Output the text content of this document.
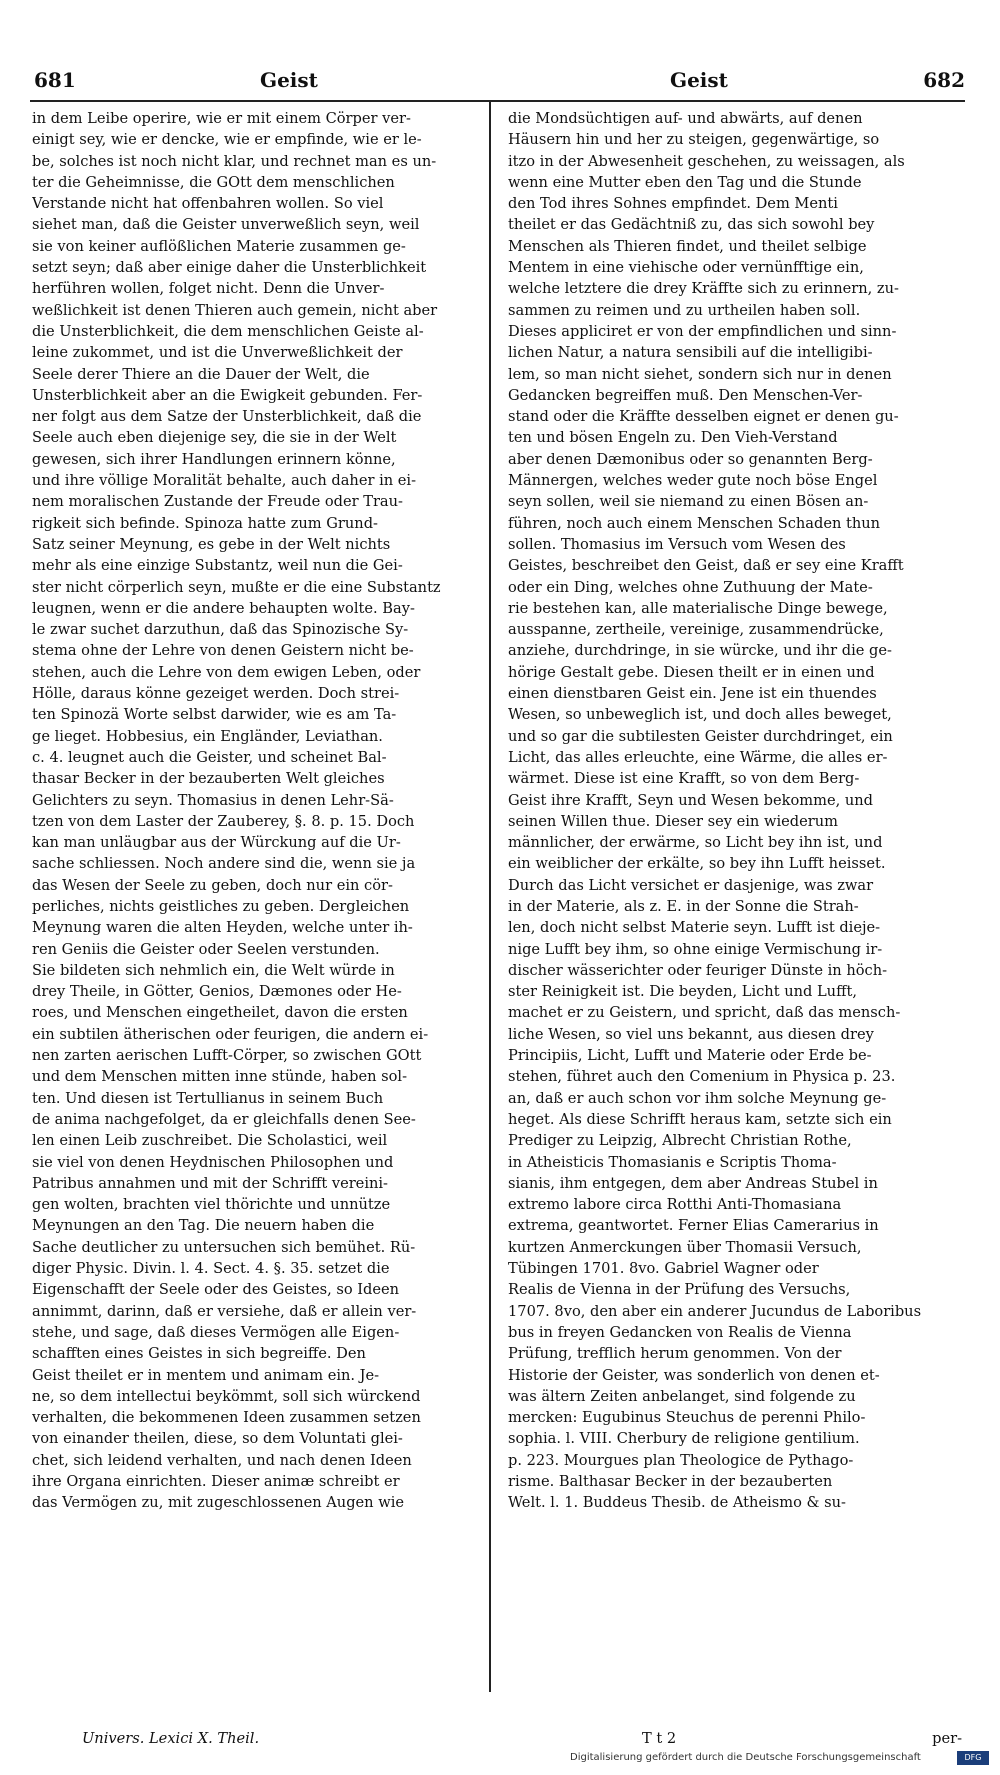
681	Geist	Geist	682
in dem Leibe operire, wie er mit einem Cörper ver-
einigt sey, wie er dencke, wie er empfinde, wie er le-
be, solches ist noch nicht klar, und rechnet man es un-
ter die Geheimnisse, die GOtt dem menschlichen
Verstande nicht hat offenbahren wollen. So viel
siehet man, daß die Geister unverweßlich seyn, weil
sie von keiner auflößlichen Materie zusammen ge-
setzt seyn; daß aber einige daher die Unsterblichkeit
herführen wollen, folget nicht. Denn die Unver-
weßlichkeit ist denen Thieren auch gemein, nicht aber
die Unsterblichkeit, die dem menschlichen Geiste al-
leine zukommet, und ist die Unverweßlichkeit der
Seele derer Thiere an die Dauer der Welt, die
Unsterblichkeit aber an die Ewigkeit gebunden. Fer-
ner folgt aus dem Satze der Unsterblichkeit, daß die
Seele auch eben diejenige sey, die sie in der Welt
gewesen, sich ihrer Handlungen erinnern könne,
und ihre völlige Moralität behalte, auch daher in ei-
nem moralischen Zustande der Freude oder Trau-
rigkeit sich befinde. Spinoza hatte zum Grund-
Satz seiner Meynung, es gebe in der Welt nichts
mehr als eine einzige Substantz, weil nun die Gei-
ster nicht cörperlich seyn, mußte er die eine Substantz
leugnen, wenn er die andere behaupten wolte. Bay-
le zwar suchet darzuthun, daß das Spinozische Sy-
stema ohne der Lehre von denen Geistern nicht be-
stehen, auch die Lehre von dem ewigen Leben, oder
Hölle, daraus könne gezeiget werden. Doch strei-
ten Spinozä Worte selbst darwider, wie es am Ta-
ge lieget. Hobbesius, ein Engländer, Leviathan.
c. 4. leugnet auch die Geister, und scheinet Bal-
thasar Becker in der bezauberten Welt gleiches
Gelichters zu seyn. Thomasius in denen Lehr-Sä-
tzen von dem Laster der Zauberey, §. 8. p. 15. Doch
kan man unläugbar aus der Würckung auf die Ur-
sache schliessen. Noch andere sind die, wenn sie ja
das Wesen der Seele zu geben, doch nur ein cör-
perliches, nichts geistliches zu geben. Dergleichen
Meynung waren die alten Heyden, welche unter ih-
ren Geniis die Geister oder Seelen verstunden.
Sie bildeten sich nehmlich ein, die Welt würde in
drey Theile, in Götter, Genios, Dæmones oder He-
roes, und Menschen eingetheilet, davon die ersten
ein subtilen ätherischen oder feurigen, die andern ei-
nen zarten aerischen Lufft-Cörper, so zwischen GOtt
und dem Menschen mitten inne stünde, haben sol-
ten. Und diesen ist Tertullianus in seinem Buch
de anima nachgefolget, da er gleichfalls denen See-
len einen Leib zuschreibet. Die Scholastici, weil
sie viel von denen Heydnischen Philosophen und
Patribus annahmen und mit der Schrifft vereini-
gen wolten, brachten viel thörichte und unnütze
Meynungen an den Tag. Die neuern haben die
Sache deutlicher zu untersuchen sich bemühet. Rü-
diger Physic. Divin. l. 4. Sect. 4. §. 35. setzet die
Eigenschafft der Seele oder des Geistes, so Ideen
annimmt, darinn, daß er versiehe, daß er allein ver-
stehe, und sage, daß dieses Vermögen alle Eigen-
schafften eines Geistes in sich begreiffe. Den
Geist theilet er in mentem und animam ein. Je-
ne, so dem intellectui beykömmt, soll sich würckend
verhalten, die bekommenen Ideen zusammen setzen
von einander theilen, diese, so dem Voluntati glei-
chet, sich leidend verhalten, und nach denen Ideen
ihre Organa einrichten. Dieser animæ schreibt er
das Vermögen zu, mit zugeschlossenen Augen wie
die Mondsüchtigen auf- und abwärts, auf denen
Häusern hin und her zu steigen, gegenwärtige, so
itzo in der Abwesenheit geschehen, zu weissagen, als
wenn eine Mutter eben den Tag und die Stunde
den Tod ihres Sohnes empfindet. Dem Menti
theilet er das Gedächtniß zu, das sich sowohl bey
Menschen als Thieren findet, und theilet selbige
Mentem in eine viehische oder vernünfftige ein,
welche letztere die drey Kräffte sich zu erinnern, zu-
sammen zu reimen und zu urtheilen haben soll.
Dieses appliciret er von der empfindlichen und sinn-
lichen Natur, a natura sensibili auf die intelligibi-
lem, so man nicht siehet, sondern sich nur in denen
Gedancken begreiffen muß. Den Menschen-Ver-
stand oder die Kräffte desselben eignet er denen gu-
ten und bösen Engeln zu. Den Vieh-Verstand
aber denen Dæmonibus oder so genannten Berg-
Männergen, welches weder gute noch böse Engel
seyn sollen, weil sie niemand zu einen Bösen an-
führen, noch auch einem Menschen Schaden thun
sollen. Thomasius im Versuch vom Wesen des
Geistes, beschreibet den Geist, daß er sey eine Krafft
oder ein Ding, welches ohne Zuthuung der Mate-
rie bestehen kan, alle materialische Dinge bewege,
ausspanne, zertheile, vereinige, zusammendrücke,
anziehe, durchdringe, in sie würcke, und ihr die ge-
hörige Gestalt gebe. Diesen theilt er in einen und
einen dienstbaren Geist ein. Jene ist ein thuendes
Wesen, so unbeweglich ist, und doch alles beweget,
und so gar die subtilesten Geister durchdringet, ein
Licht, das alles erleuchte, eine Wärme, die alles er-
wärmet. Diese ist eine Krafft, so von dem Berg-
Geist ihre Krafft, Seyn und Wesen bekomme, und
seinen Willen thue. Dieser sey ein wiederum
männlicher, der erwärme, so Licht bey ihn ist, und
ein weiblicher der erkälte, so bey ihn Lufft heisset.
Durch das Licht versichet er dasjenige, was zwar
in der Materie, als z. E. in der Sonne die Strah-
len, doch nicht selbst Materie seyn. Lufft ist dieje-
nige Lufft bey ihm, so ohne einige Vermischung ir-
discher wässerichter oder feuriger Dünste in höch-
ster Reinigkeit ist. Die beyden, Licht und Lufft,
machet er zu Geistern, und spricht, daß das mensch-
liche Wesen, so viel uns bekannt, aus diesen drey
Principiis, Licht, Lufft und Materie oder Erde be-
stehen, führet auch den Comenium in Physica p. 23.
an, daß er auch schon vor ihm solche Meynung ge-
heget. Als diese Schrifft heraus kam, setzte sich ein
Prediger zu Leipzig, Albrecht Christian Rothe,
in Atheisticis Thomasianis e Scriptis Thoma-
sianis, ihm entgegen, dem aber Andreas Stubel in
extremo labore circa Rotthi Anti-Thomasiana
extrema, geantwortet. Ferner Elias Camerarius in
kurtzen Anmerckungen über Thomasii Versuch,
Tübingen 1701. 8vo. Gabriel Wagner oder
Realis de Vienna in der Prüfung des Versuchs,
1707. 8vo, den aber ein anderer Jucundus de Laboribus
bus in freyen Gedancken von Realis de Vienna
Prüfung, trefflich herum genommen. Von der
Historie der Geister, was sonderlich von denen et-
was ältern Zeiten anbelanget, sind folgende zu
mercken: Eugubinus Steuchus de perenni Philo-
sophia. l. VIII. Cherbury de religione gentilium.
p. 223. Mourgues plan Theologice de Pythago-
risme. Balthasar Becker in der bezauberten
Welt. l. 1. Buddeus Thesib. de Atheismo & su-
Univers. Lexici X. Theil.	T t 2	per-
Digitalisierung gefördert durch die Deutsche Forschungsgemeinschaft	DFG
